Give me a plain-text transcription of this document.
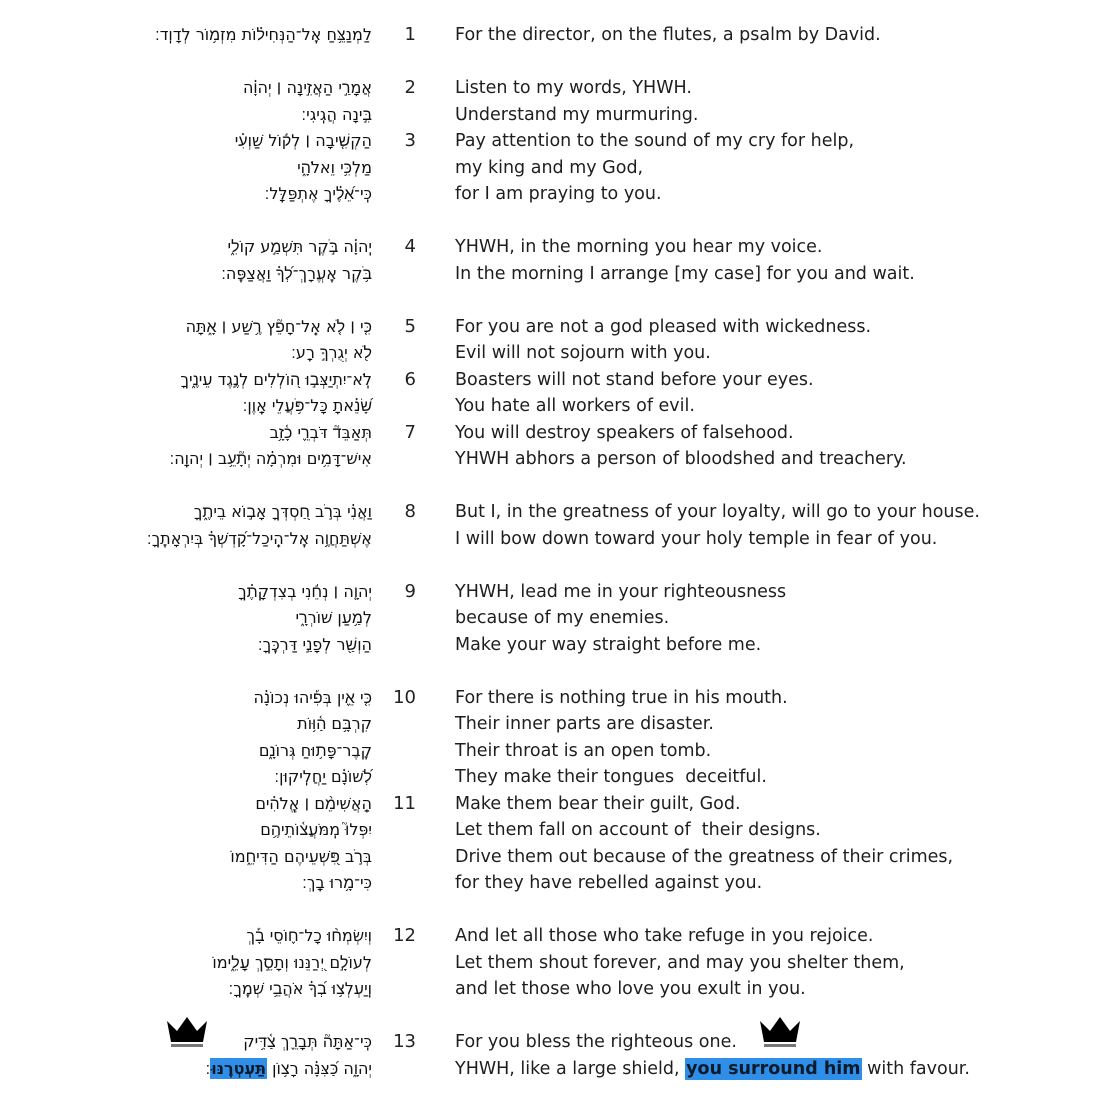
לַמְנַצֵּ֥חַ אֶֽל־הַנְּחִיל֗וֹת מִזְמ֥וֹר לְדָוִֽד׃	1 For the director, on the flutes, a psalm by David.
אֲמָרַ֣י הַאֲזִ֣ינָה ׀ יְהוָ֗ה	2 Listen to my words, YHWH.
בִּ֣ינָה הֲגִֽיגִי׃	Understand my murmuring.
הַקְשִׁ֤יבָה ׀ לְק֬וֹל שַׁוְעִ֗י	3 Pay attention to the sound of my cry for help,
מַלְכִּ֥י וֵאלֹהָ֑י	my king and my God,
כִּֽי־אֵ֝לֶ֗יךָ אֶתְפַּלָּֽל׃	for I am praying to you.
יְֽהוָ֗ה בֹּ֣קֶר תִּשְׁמַ֣ע קוֹלִ֑י	4 YHWH, in the morning you hear my voice.
בֹּ֥קֶר אֶֽעֱרָךְ־לְ֝ךָ֗ וַאֲצַפֶּֽה׃	In the morning I arrange [my case] for you and wait.
כִּ֤י ׀ לֹ֤א אֵֽל־חָפֵ֘ץ רֶ֥שַׁע ׀ אָ֑תָּה	5 For you are not a god pleased with wickedness.
לֹ֖א יְגֻרְךָ֣ רָֽע׃	Evil will not sojourn with you.
לֹֽא־יִתְיַצְּב֣וּ ה֭וֹלְלִים לְנֶ֣גֶד עֵינֶ֑יךָ	6 Boasters will not stand before your eyes.
שָׂ֝נֵ֗אתָ כָּל־פֹּ֥עֲלֵי אָֽוֶן׃	You hate all workers of evil.
תְּאַבֵּד֘ דֹּבְרֵ֪י כָ֫זָ֥ב	7 You will destroy speakers of falsehood.
אִישׁ־דָּמִ֥ים וּמִרְמָ֗ה יְתָ֘עֵ֥ב ׀ יְהוָֽה׃	YHWH abhors a person of bloodshed and treachery.
וַאֲנִ֗י בְּרֹ֣ב חַ֭סְדְּךָ אָב֣וֹא בֵיתֶ֑ךָ	8 But I, in the greatness of your loyalty, will go to your house.
אֶשְׁתַּחֲוֶ֥ה אֶֽל־הֵֽיכַל־קָ֝דְשְׁךָ֗ בְּיִרְאָתֶֽךָ׃	I will bow down toward your holy temple in fear of you.
יְהוָ֤ה ׀ נְחֵ֬נִי בְצִדְקָתֶ֗ךָ	9 YHWH, lead me in your righteousness
לְמַ֥עַן שׁוֹרְרָ֑י	because of my enemies.
הַוְשַׁ֖ר לְפָנַ֣י דַּרְכֶּֽךָ׃	Make your way straight before me.
כִּ֤י אֵ֪ין בְּפִ֡יהוּ נְכוֹנָ֗ה	10 For there is nothing true in his mouth.
קִרְבָּ֥ם הַ֫וּ֥וֹת	Their inner parts are disaster.
קֶֽבֶר־פָּת֥וּחַ גְּרוֹנָ֑ם	Their throat is an open tomb.
לְ֝שׁוֹנָ֗ם יַחֲלִֽיקוּן׃	They make their tongues  deceitful.
הַֽאֲשִׁימֵ֨ם ׀ אֱֽלֹהִ֗ים	11 Make them bear their guilt, God.
יִפְּלוּ֮ מִֽמֹּעֲצ֫וֹתֵיהֶ֥ם	Let them fall on account of  their designs.
בְּרֹ֣ב פִּ֭שְׁעֵיהֶם הַדִּיחֵ֑מוֹ	Drive them out because of the greatness of their crimes,
כִּי־מָ֥רוּ בָֽךְ׃	for they have rebelled against you.
וְיִשְׂמְח֨וּ כָל־ח֪וֹסֵי בָ֡ךְ	12 And let all those who take refuge in you rejoice.
לְעוֹלָ֣ם יְ֭רַנֵּנוּ וְתָסֵ֣ךְ עָלֵ֑ימוֹ	Let them shout forever, and may you shelter them,
וְֽיַעְלְצ֥וּ בְ֝ךָ֗ אֹהֲבֵ֥י שְׁמֶֽךָ׃	and let those who love you exult in you.
כִּֽי־אַתָּה֘ תְּבָרֵ֪ךְ צַ֫דִּ֥יק	13 For you bless the righteous one.
יְהוָ֑ה כַּ֝צִּנָּ֗ה רָצ֥וֹן תַּעְטְרֶֽנּוּ׃	YHWH, like a large shield, you surround him with favour.
